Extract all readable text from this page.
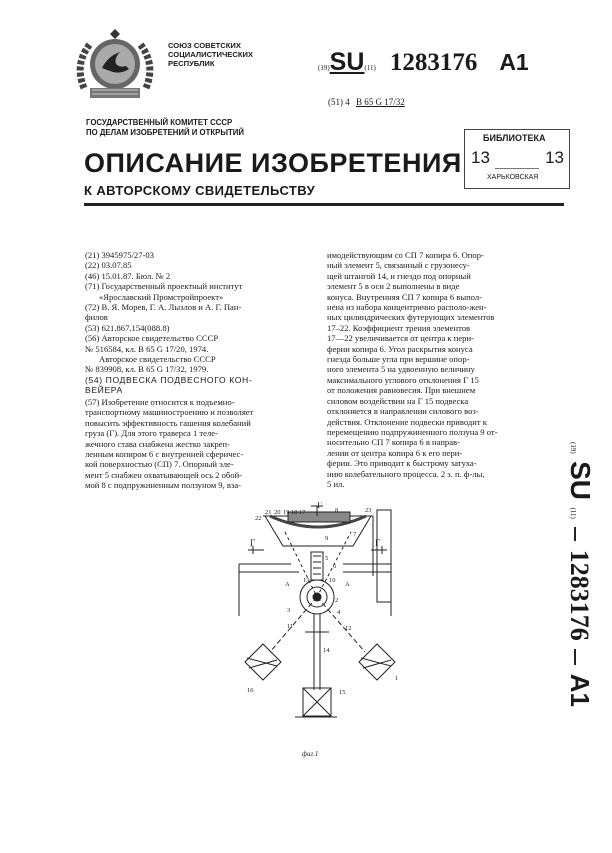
СОЮЗ СОВЕТСКИХ
СОЦИАЛИСТИЧЕСКИХ
РЕСПУБЛИК	(19)SU(11) 1283176 A1
(51) 4 B 65 G 17/32
ГОСУДАРСТВЕННЫЙ КОМИТЕТ СССР
ПО ДЕЛАМ ИЗОБРЕТЕНИЙ И ОТКРЫТИЙ
БИБЛИОТЕКА
13	13
ХАРЬКОВСКАЯ
ОПИСАНИЕ ИЗОБРЕТЕНИЯ
К АВТОРСКОМУ СВИДЕТЕЛЬСТВУ
(21) 3945975/27-03
(22) 03.07.85
(46) 15.01.87. Бюл. № 2
(71) Государственный проектный институт
«Ярославский Промстройпроект»
(72) В. Я. Морев, Г. А. Лызлов и А. Г. Пан-
филов
(53) 621.867.154(088.8)
(56) Авторское свидетельство СССР
№ 516584, кл. В 65 G 17/20, 1974.
Авторское свидетельство СССР
№ 839908, кл. В 65 G 17/32, 1979.
(54) ПОДВЕСКА ПОДВЕСНОГО КОН-
ВЕЙЕРА
(57) Изобретение относится к подъемно-
транспортному машиностроению и позволяет
повысить эффективность гашения колебаний
груза (Г). Для этого траверса 1 теле-
жечного става снабжена жестко закреп-
ленным копиром 6 с внутренней сферичес-
кой поверхностью (СП) 7. Опорный эле-
мент 5 снабжен охватывающей ось 2 обой-
мой 8 с подпружиненным ползуном 9, вза-
имодействующим со СП 7 копира 6. Опор-
ный элемент 5, связанный с грузонесу-
щей штангой 14, и гнездо под опорный
элемент 5 в оси 2 выполнены в виде
конуса. Внутренняя СП 7 копира 6 выпол-
нена из набора концентрично располо-жен-
ных цилиндрических футерующих элементов
17–22. Коэффициент трения элементов
17—22 увеличивается от центра к пери-
ферии копира 6. Угол раскрытия конуса
гнезда больше угла при вершине опор-
ного элемента 5 на удвоенную величину
максимального углового отклонения Г 15
от положения равновесия. При внешнем
силовом воздействии на Г 15 подвеска
отклоняется в направлении силового воз-
действия. Отклонение подвески приводит к
перемещению подпружиненного ползуна 9 от-
носительно СП 7 копира 6 в направ-
лении от центра копира 6 к его пери-
ферии. Это приводит к быстрому затуха-
нию колебательного процесса. 2 з. п. ф-лы,
5 ил.
(19) SU (11)  1283176  A1
22
21 20 19 18 17
Г
8	23
9
7
5
6
13	10
А	А
Г	Г
2
4
3
11	12
14
15
16
1
фиг.1
